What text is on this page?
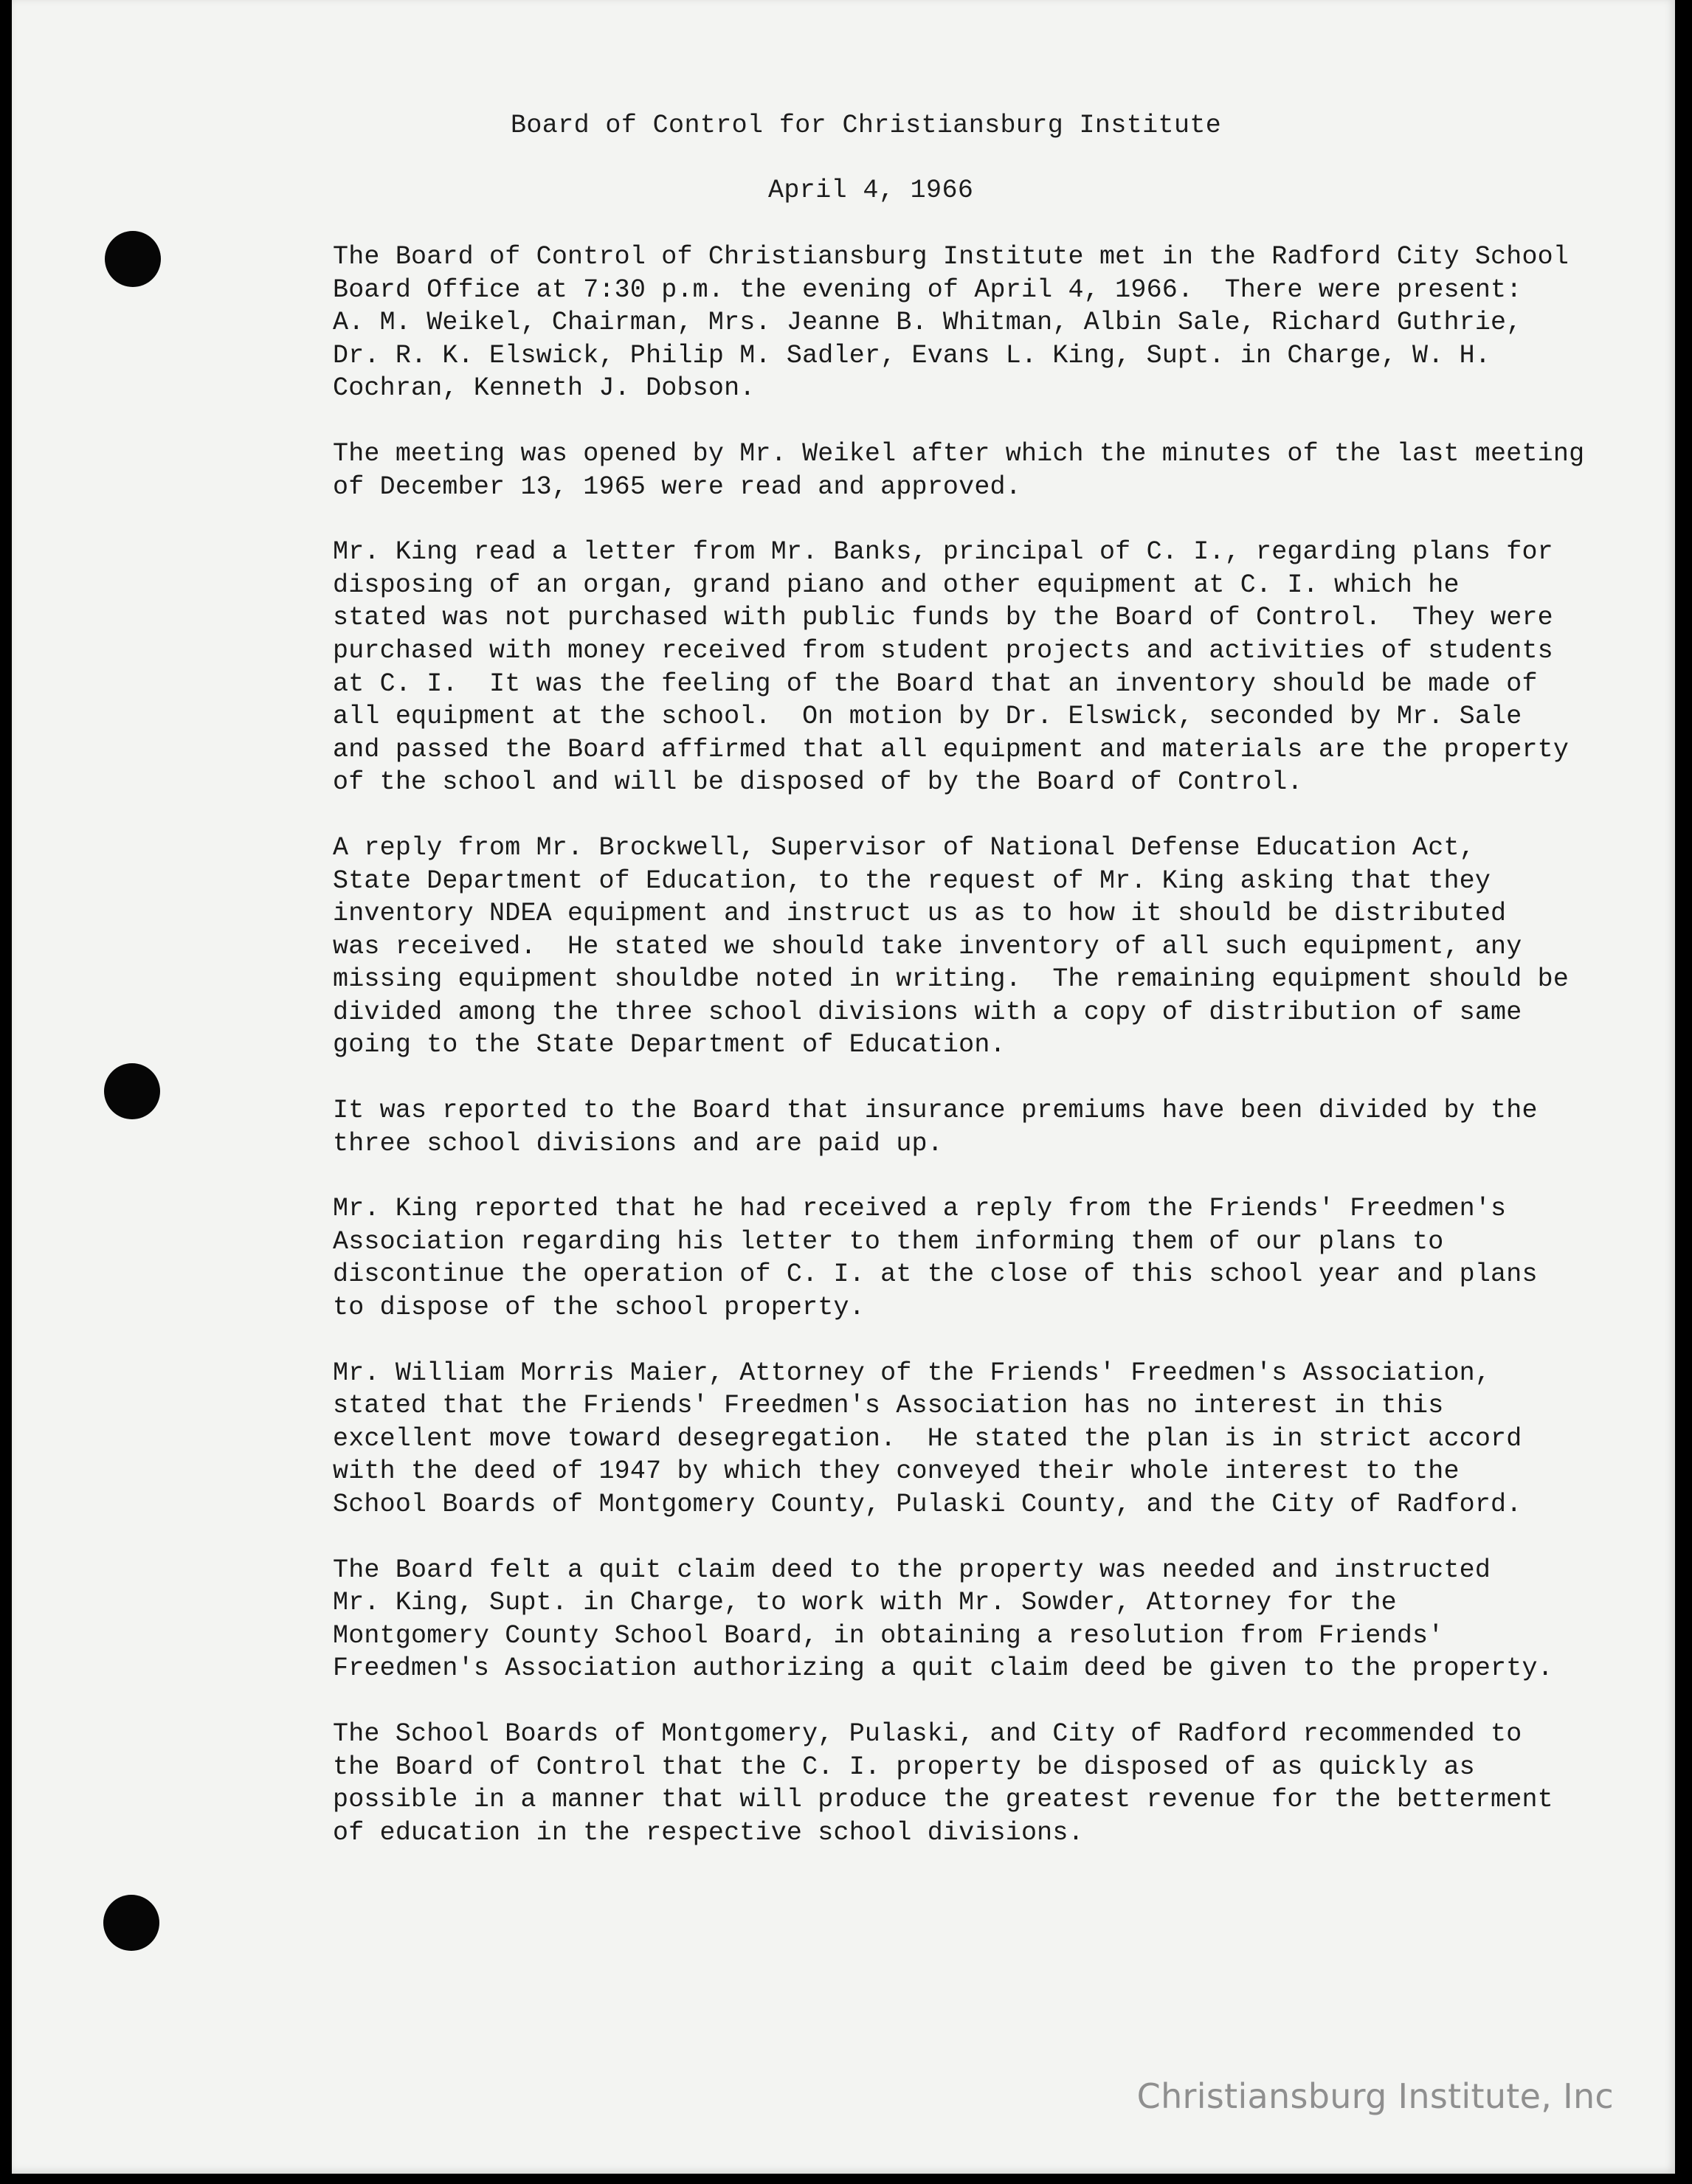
Board of Control for Christiansburg Institute
April 4, 1966
The Board of Control of Christiansburg Institute met in the Radford City School
Board Office at 7:30 p.m. the evening of April 4, 1966.  There were present:
A. M. Weikel, Chairman, Mrs. Jeanne B. Whitman, Albin Sale, Richard Guthrie,
Dr. R. K. Elswick, Philip M. Sadler, Evans L. King, Supt. in Charge, W. H.
Cochran, Kenneth J. Dobson.
The meeting was opened by Mr. Weikel after which the minutes of the last meeting
of December 13, 1965 were read and approved.
Mr. King read a letter from Mr. Banks, principal of C. I., regarding plans for
disposing of an organ, grand piano and other equipment at C. I. which he
stated was not purchased with public funds by the Board of Control.  They were
purchased with money received from student projects and activities of students
at C. I.  It was the feeling of the Board that an inventory should be made of
all equipment at the school.  On motion by Dr. Elswick, seconded by Mr. Sale
and passed the Board affirmed that all equipment and materials are the property
of the school and will be disposed of by the Board of Control.
A reply from Mr. Brockwell, Supervisor of National Defense Education Act,
State Department of Education, to the request of Mr. King asking that they
inventory NDEA equipment and instruct us as to how it should be distributed
was received.  He stated we should take inventory of all such equipment, any
missing equipment shouldbe noted in writing.  The remaining equipment should be
divided among the three school divisions with a copy of distribution of same
going to the State Department of Education.
It was reported to the Board that insurance premiums have been divided by the
three school divisions and are paid up.
Mr. King reported that he had received a reply from the Friends' Freedmen's
Association regarding his letter to them informing them of our plans to
discontinue the operation of C. I. at the close of this school year and plans
to dispose of the school property.
Mr. William Morris Maier, Attorney of the Friends' Freedmen's Association,
stated that the Friends' Freedmen's Association has no interest in this
excellent move toward desegregation.  He stated the plan is in strict accord
with the deed of 1947 by which they conveyed their whole interest to the
School Boards of Montgomery County, Pulaski County, and the City of Radford.
The Board felt a quit claim deed to the property was needed and instructed
Mr. King, Supt. in Charge, to work with Mr. Sowder, Attorney for the
Montgomery County School Board, in obtaining a resolution from Friends'
Freedmen's Association authorizing a quit claim deed be given to the property.
The School Boards of Montgomery, Pulaski, and City of Radford recommended to
the Board of Control that the C. I. property be disposed of as quickly as
possible in a manner that will produce the greatest revenue for the betterment
of education in the respective school divisions.
Christiansburg Institute, Inc
